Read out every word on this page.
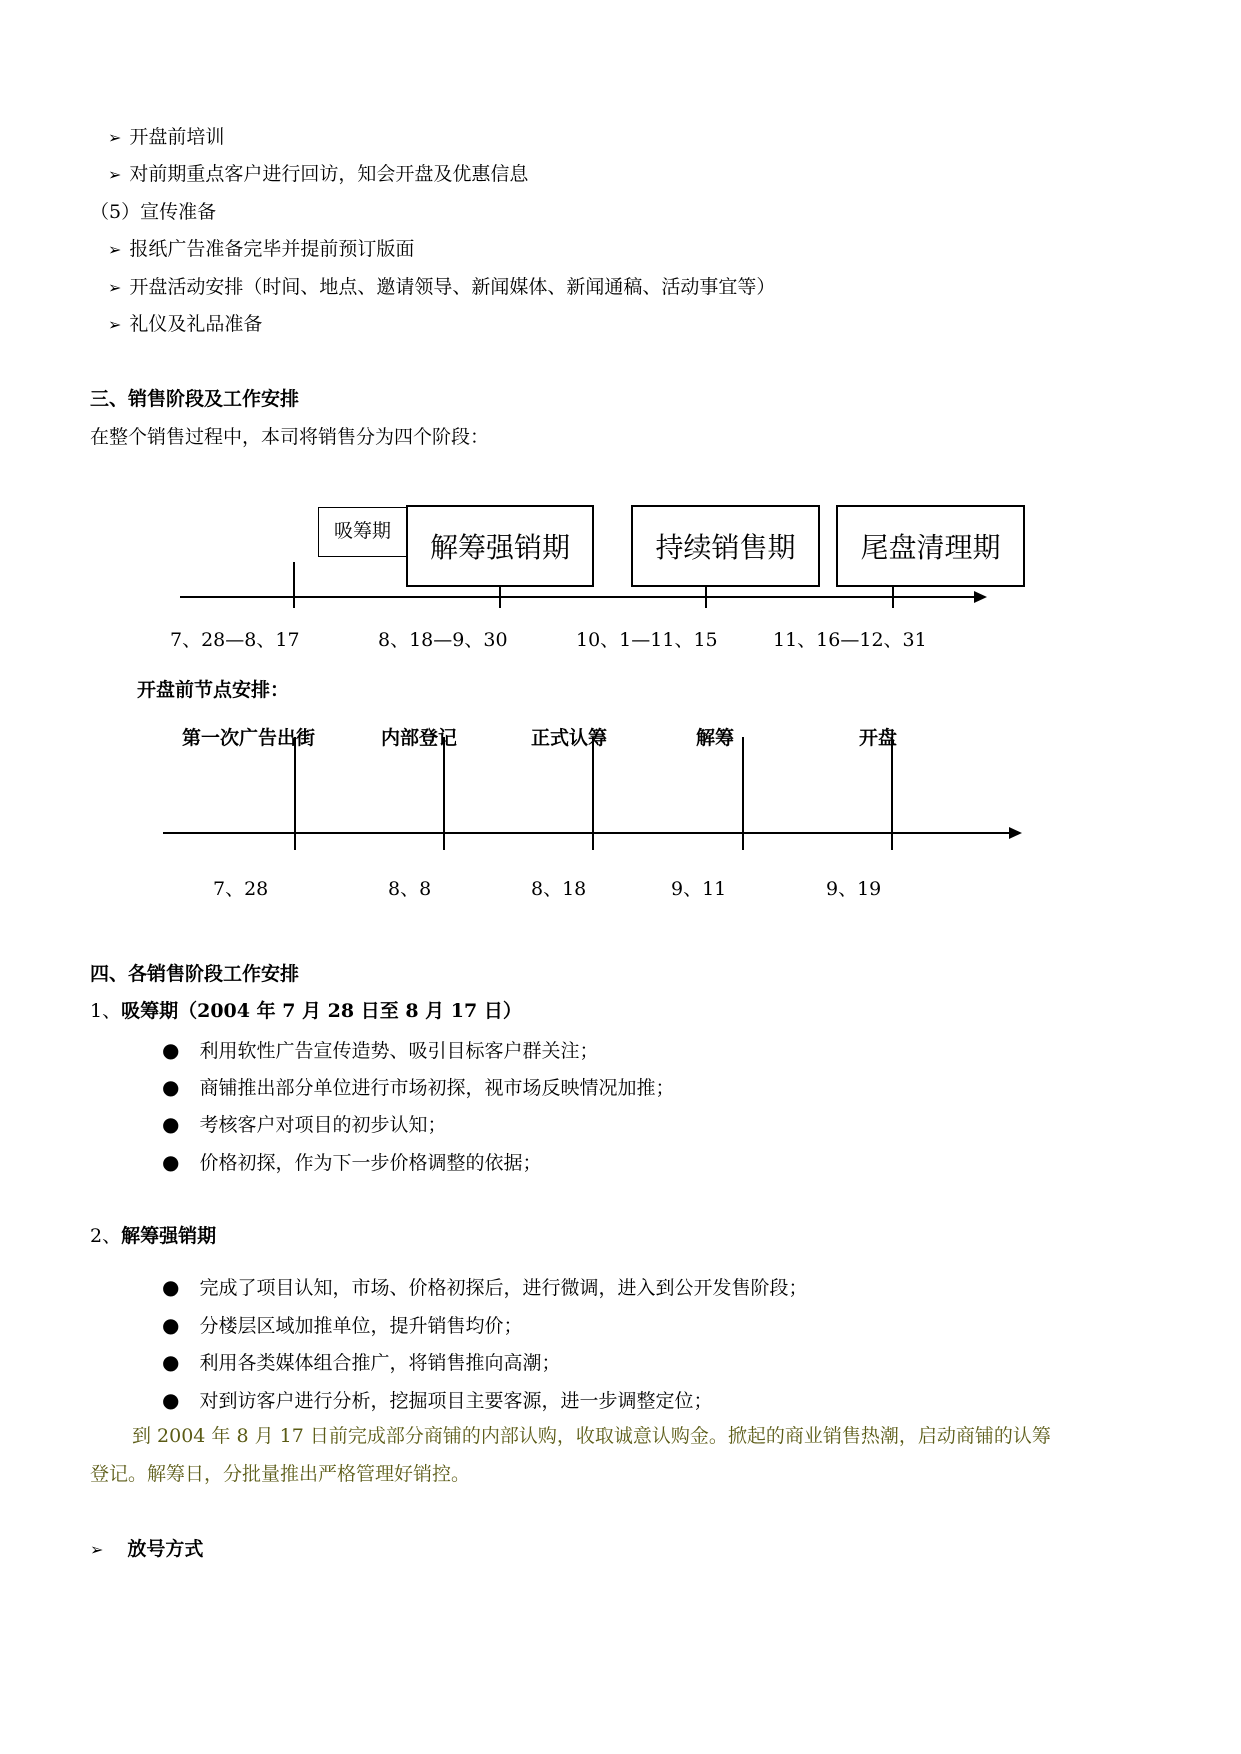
➢ 开盘前培训
➢ 对前期重点客户进行回访，知会开盘及优惠信息
（5）宣传准备
➢ 报纸广告准备完毕并提前预订版面
➢ 开盘活动安排（时间、地点、邀请领导、新闻媒体、新闻通稿、活动事宜等）
➢ 礼仪及礼品准备
三、销售阶段及工作安排
在整个销售过程中，本司将销售分为四个阶段：
吸筹期 解筹强销期	持续销售期 尾盘清理期
7、28—8、17	8、18—9、30	10、1—11、15	11、16—12、31
开盘前节点安排：
第一次广告出街	内部登记	正式认筹	解筹	开盘
7、28	8、8	8、18	9、11	9、19
四、各销售阶段工作安排
1、吸筹期（2004 年 7 月 28 日至 8 月 17 日）
● 利用软性广告宣传造势、吸引目标客户群关注；
● 商铺推出部分单位进行市场初探，视市场反映情况加推；
● 考核客户对项目的初步认知；
● 价格初探，作为下一步价格调整的依据；
2、解筹强销期
● 完成了项目认知，市场、价格初探后，进行微调，进入到公开发售阶段；
● 分楼层区域加推单位，提升销售均价；
● 利用各类媒体组合推广，将销售推向高潮；
● 对到访客户进行分析，挖掘项目主要客源，进一步调整定位；
到 2004 年 8 月 17 日前完成部分商铺的内部认购，收取诚意认购金。掀起的商业销售热潮，启动商铺的认筹
登记。解筹日，分批量推出严格管理好销控。
➢ 放号方式
